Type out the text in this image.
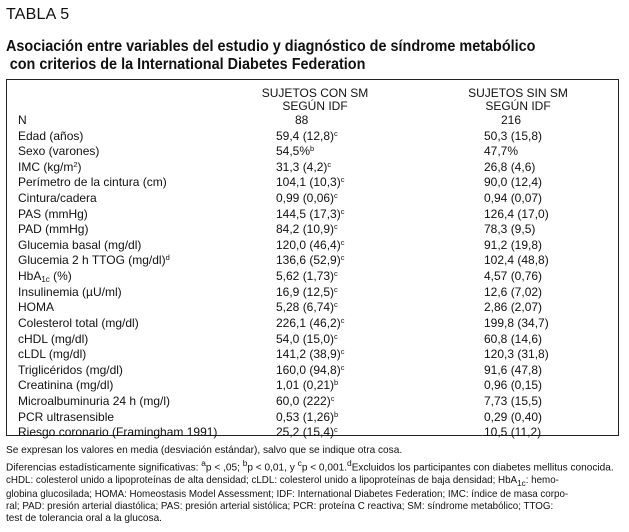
TABLA 5
Asociación entre variables del estudio y diagnóstico de síndrome metabólico
con criterios de la International Diabetes Federation
SUJETOS CON SM
SEGÚN IDF
SUJETOS SIN SM
SEGÚN IDF
N	88	216
Edad (años)	59,4 $(12,8)^c$	50,3 (15,8)
Sexo (varones)	54,5%$^b$	47,7%
IMC $(kg/m^2)$	31,3 $(4,2)^c$	26,8 (4,6)
Perímetro de la cintura (cm)	104,1 $(10,3)^c$	90,0 (12,4)
Cintura/cadera	0,99 $(0,06)^c$	0,94 (0,07)
PAS (mmHg)	144,5 $(17,3)^c$	126,4 (17,0)
PAD (mmHg)	84,2 $(10,9)^c$	78,3 (9,5)
Glucemia basal (mg/dl)	120,0 $(46,4)^c$	91,2 (19,8)
Glucemia 2 h TTOG $(mg/dl)^d$	136,6 $(52,9)^c$	102,4 (48,8)
HbA$_{1c}$ (%)	5,62 $(1,73)^c$	4,57 (0,76)
Insulinemia (µU/ml)	16,9 $(12,5)^c$	12,6 (7,02)
HOMA	5,28 $(6,74)^c$	2,86 (2,07)
Colesterol total (mg/dl)	226,1 $(46,2)^c$	199,8 (34,7)
cHDL (mg/dl)	54,0 $(15,0)^c$	60,8 (14,6)
cLDL (mg/dl)	141,2 $(38,9)^c$	120,3 (31,8)
Triglicéridos (mg/dl)	160,0 $(94,8)^c$	91,6 (47,8)
Creatinina (mg/dl)	1,01 $(0,21)^b$	0,96 (0,15)
Microalbuminuria 24 h (mg/l)	60,0 $(222)^c$	7,73 (15,5)
PCR ultrasensible	0,53 $(1,26)^b$	0,29 (0,40)
Riesgo coronario (Framingham 1991)	25,2 $(15,4)^c$	10,5 (11,2)
Se expresan los valores en media (desviación estándar), salvo que se indique otra cosa.
Diferencias estadísticamente significativas: $^a$p < ,05; $^b$p < 0,01, y $^c$p < 0,001.$^d$Excluidos los participantes con diabetes mellitus conocida.
cHDL: colesterol unido a lipoproteínas de alta densidad; cLDL: colesterol unido a lipoproteínas de baja densidad; HbA$_{1c}$: hemo- globina glucosilada; HOMA: Homeostasis Model Assessment; IDF: International Diabetes Federation; IMC: índice de masa corpo- ral; PAD: presión arterial diastólica; PAS: presión arterial sistólica; PCR: proteína C reactiva; SM: síndrome metabólico; TTOG:
test de tolerancia oral a la glucosa.
